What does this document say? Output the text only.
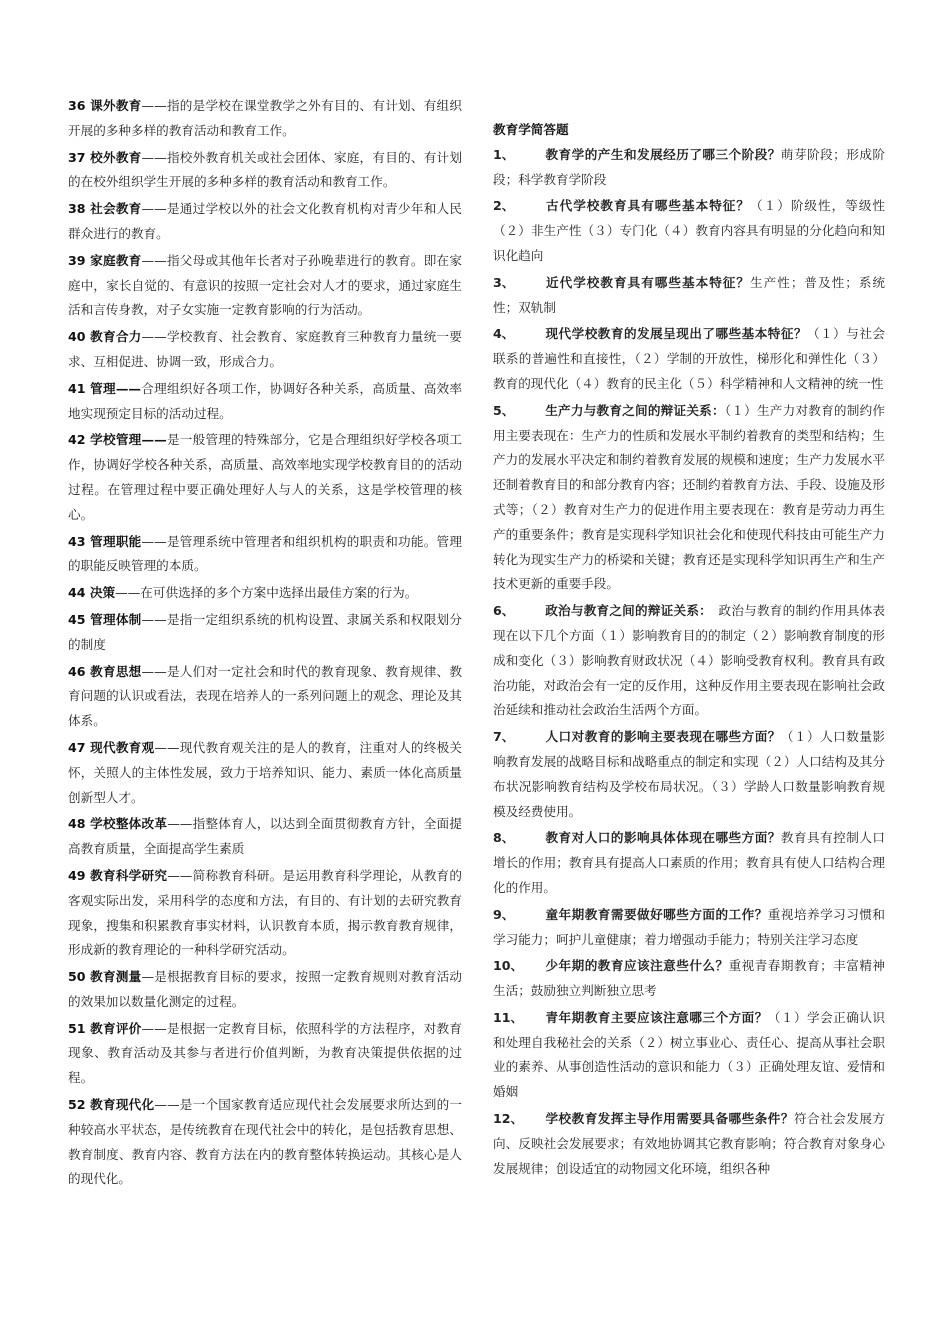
36 课外教育——指的是学校在课堂教学之外有目的、有计划、有组织开展的多种多样的教育活动和教育工作。
37 校外教育——指校外教育机关或社会团体、家庭，有目的、有计划的在校外组织学生开展的多种多样的教育活动和教育工作。
38 社会教育——是通过学校以外的社会文化教育机构对青少年和人民群众进行的教育。
39 家庭教育——指父母或其他年长者对子孙晚辈进行的教育。即在家庭中，家长自觉的、有意识的按照一定社会对人才的要求，通过家庭生活和言传身教，对子女实施一定教育影响的行为活动。
40 教育合力——学校教育、社会教育、家庭教育三种教育力量统一要求、互相促进、协调一致，形成合力。
41 管理——合理组织好各项工作，协调好各种关系，高质量、高效率地实现预定目标的活动过程。
42 学校管理——是一般管理的特殊部分，它是合理组织好学校各项工作，协调好学校各种关系，高质量、高效率地实现学校教育目的的活动过程。在管理过程中要正确处理好人与人的关系，这是学校管理的核心。
43 管理职能——是管理系统中管理者和组织机构的职责和功能。管理的职能反映管理的本质。
44 决策——在可供选择的多个方案中选择出最佳方案的行为。
45 管理体制——是指一定组织系统的机构设置、隶属关系和权限划分的制度
46 教育思想——是人们对一定社会和时代的教育现象、教育规律、教育问题的认识或看法，表现在培养人的一系列问题上的观念、理论及其体系。
47 现代教育观——现代教育观关注的是人的教育，注重对人的终极关怀，关照人的主体性发展，致力于培养知识、能力、素质一体化高质量创新型人才。
48 学校整体改革——指整体育人，以达到全面贯彻教育方针，全面提高教育质量，全面提高学生素质
49 教育科学研究——简称教育科研。是运用教育科学理论，从教育的客观实际出发，采用科学的态度和方法，有目的、有计划的去研究教育现象，搜集和积累教育事实材料，认识教育本质，揭示教育教育规律，形成新的教育理论的一种科学研究活动。
50 教育测量—是根据教育目标的要求，按照一定教育规则对教育活动的效果加以数量化测定的过程。
51 教育评价——是根据一定教育目标，依照科学的方法程序，对教育现象、教育活动及其参与者进行价值判断，为教育决策提供依据的过程。
52 教育现代化——是一个国家教育适应现代社会发展要求所达到的一种较高水平状态，是传统教育在现代社会中的转化，是包括教育思想、教育制度、教育内容、教育方法在内的教育整体转换运动。其核心是人的现代化。
教育学简答题
1、 教育学的产生和发展经历了哪三个阶段？萌芽阶段；形成阶段；科学教育学阶段
2、 古代学校教育具有哪些基本特征？（１）阶级性，等级性（２）非生产性（３）专门化（４）教育内容具有明显的分化趋向和知识化趋向
3、 近代学校教育具有哪些基本特征？生产性；普及性；系统性；双轨制
4、 现代学校教育的发展呈现出了哪些基本特征？（１）与社会联系的普遍性和直接性，（２）学制的开放性，梯形化和弹性化（３）教育的现代化（４）教育的民主化（５）科学精神和人文精神的统一性
5、 生产力与教育之间的辩证关系：（１）生产力对教育的制约作用主要表现在：生产力的性质和发展水平制约着教育的类型和结构；生产力的发展水平决定和制约着教育发展的规模和速度；生产力发展水平还制着教育目的和部分教育内容；还制约着教育方法、手段、设施及形式等；（２）教育对生产力的促进作用主要表现在：教育是劳动力再生产的重要条件；教育是实现科学知识社会化和使现代科技由可能生产力转化为现实生产力的桥梁和关键；教育还是实现科学知识再生产和生产技术更新的重要手段。
6、 政治与教育之间的辩证关系：　政治与教育的制约作用具体表现在以下几个方面（１）影响教育目的的制定（２）影响教育制度的形成和变化（３）影响教育财政状况（４）影响受教育权利。教育具有政治功能，对政治会有一定的反作用，这种反作用主要表现在影响社会政治延续和推动社会政治生活两个方面。
7、 人口对教育的影响主要表现在哪些方面？（１）人口数量影响教育发展的战略目标和战略重点的制定和实现（２）人口结构及其分布状况影响教育结构及学校布局状况。（３）学龄人口数量影响教育规模及经费使用。
8、 教育对人口的影响具体体现在哪些方面？教育具有控制人口增长的作用；教育具有提高人口素质的作用；教育具有使人口结构合理化的作用。
9、 童年期教育需要做好哪些方面的工作？重视培养学习习惯和学习能力；呵护儿童健康；着力增强动手能力；特别关注学习态度
10、 少年期的教育应该注意些什么？重视青春期教育；丰富精神生活；鼓励独立判断独立思考
11、 青年期教育主要应该注意哪三个方面？（１）学会正确认识和处理自我秘社会的关系（２）树立事业心、责任心、提高从事社会职业的素养、从事创造性活动的意识和能力（３）正确处理友谊、爱情和婚姻
12、 学校教育发挥主导作用需要具备哪些条件？符合社会发展方向、反映社会发展要求；有效地协调其它教育影响；符合教育对象身心发展规律；创设适宜的动物园文化环境，组织各种
